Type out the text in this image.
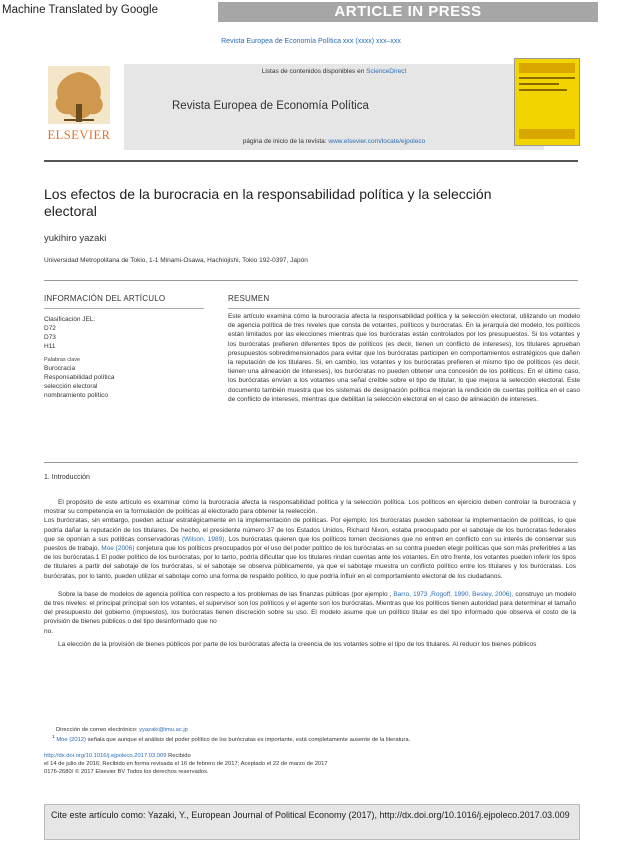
Machine Translated by Google	ARTICLE IN PRESS
Revista Europea de Economía Política xxx (xxxx) xxx–xxx
ELSEVIER
Listas de contenidos disponibles en ScienceDirect
Revista Europea de Economía Política
página de inicio de la revista: www.elsevier.com/locate/ejpoleco
Los efectos de la burocracia en la responsabilidad política y la selección electoral
yukihiro yazaki
Universidad Metropolitana de Tokio, 1-1 Minami-Osawa, Hachiojishi, Tokio 192-0397, Japón
INFORMACIÓN DEL ARTÍCULO
Clasificación JEL:
D72
D73
H11
Palabras clave
Burocracia
Responsabilidad política
selección electoral
nombramiento político
RESUMEN
Este artículo examina cómo la burocracia afecta la responsabilidad política y la selección electoral, utilizando un modelo de agencia política de tres niveles que consta de votantes, políticos y burócratas. En la jerarquía del modelo, los políticos están limitados por las elecciones mientras que los burócratas están controlados por los presupuestos. Si los votantes y los burócratas prefieren diferentes tipos de políticos (es decir, tienen un conflicto de intereses), los titulares aprueban presupuestos sobredimensionados para evitar que los burócratas participen en comportamientos estratégicos que dañen la reputación de los titulares. Si, en cambio, los votantes y los burócratas prefieren el mismo tipo de políticos (es decir, tienen una alineación de intereses), los burócratas no pueden obtener una concesión de los políticos. En el último caso, los burócratas envían a los votantes una señal creíble sobre el tipo de titular, lo que mejora la selección electoral. Este documento también muestra que los sistemas de designación política mejoran la rendición de cuentas política en el caso de conflicto de intereses, mientras que debilitan la selección electoral en el caso de alineación de intereses.
1. Introducción

El propósito de este artículo es examinar cómo la burocracia afecta la responsabilidad política y la selección política. Los políticos en ejercicio deben controlar la burocracia y mostrar su competencia en la formulación de políticas al electorado para obtener la reelección.

Los burócratas, sin embargo, pueden actuar estratégicamente en la implementación de políticas. Por ejemplo, los burócratas pueden sabotear la implementación de políticas, lo que podría dañar la reputación de los titulares. De hecho, el presidente número 37 de los Estados Unidos, Richard Nixon, estaba preocupado por el sabotaje de los burócratas federales que se oponían a sus políticas conservadoras (Wilson, 1989). Los burócratas quieren que los políticos tomen decisiones que no entren en conflicto con su interés de conservar sus puestos de trabajo. Moe (2006) conjetura que los políticos preocupados por el uso del poder político de los burócratas en su contra pueden elegir políticas que son más preferibles a las de los burócratas.1 El poder político de los burócratas, por lo tanto, podría dificultar que los titulares rindan cuentas ante los votantes. En otro frente, los votantes pueden inferir los tipos de titulares a partir del sabotaje de los burócratas, si el sabotaje se observa públicamente, ya que el sabotaje muestra un conflicto político entre los titulares y los burócratas. Los burócratas, por lo tanto, pueden utilizar el sabotaje como una forma de respaldo político, lo que podría influir en el comportamiento electoral de los ciudadanos.

Sobre la base de modelos de agencia política con respecto a los problemas de las finanzas públicas (por ejemplo , Barro, 1973 ,Rogoff, 1990, Besley, 2006), construyo un modelo de tres niveles: el principal principal son los votantes, el supervisor son los políticos y el agente son los burócratas. Mientras que los políticos tienen autoridad para determinar el tamaño del presupuesto del gobierno (impuestos), los burócratas tienen discreción sobre su uso. El modelo asume que un político titular es del tipo informado que observa el costo de la provisión de bienes públicos o del tipo desinformado que no
no.

La elección de la provisión de bienes públicos por parte de los burócratas afecta la creencia de los votantes sobre el tipo de los titulares. Al reducir los bienes públicos

Dirección de correo electrónico: yyazaki@tmu.ac.jp
$^1$ Moe (2012) señala que aunque el análisis del poder político de los burócratas es importante, está completamente ausente de la literatura.
http://dx.doi.org/10.1016/j.ejpoleco.2017.03.009 Recibido
el 14 de julio de 2016; Recibido en forma revisada el 16 de febrero de 2017; Aceptado el 22 de marzo de 2017
0176-2680/ © 2017 Elsevier BV Todos los derechos reservados.
Cite este artículo como: Yazaki, Y., European Journal of Political Economy (2017), http://dx.doi.org/10.1016/j.ejpoleco.2017.03.009
